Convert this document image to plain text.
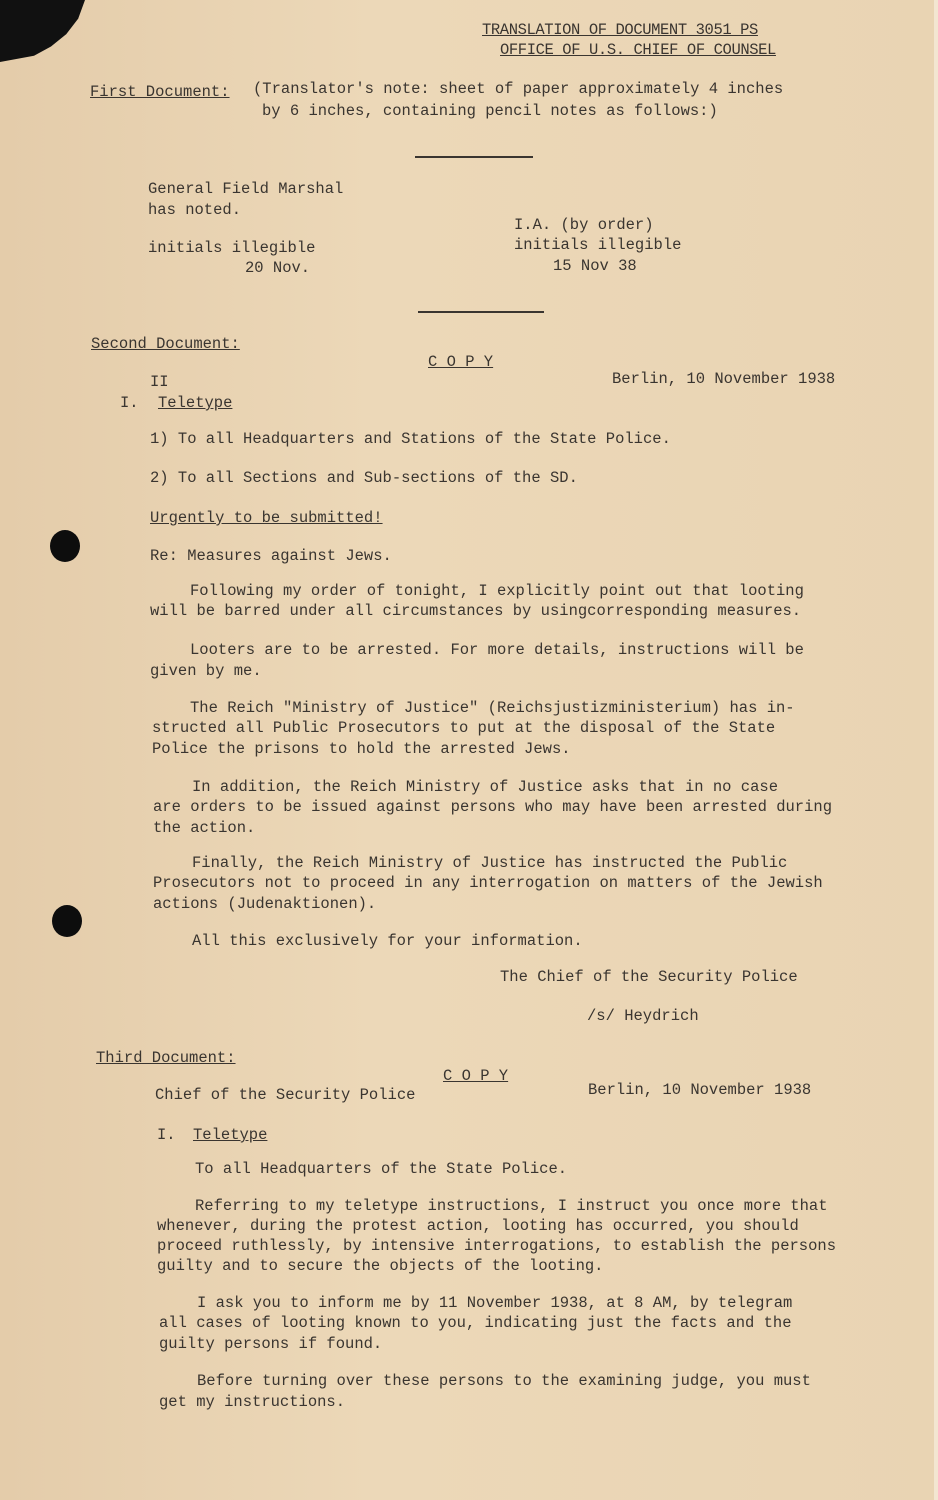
TRANSLATION OF DOCUMENT 3051 PS
OFFICE OF U.S. CHIEF OF COUNSEL
First Document: (Translator's note: sheet of paper approximately 4 inches
by 6 inches, containing pencil notes as follows:)
General Field Marshal
has noted.
I.A. (by order)
initials illegible	initials illegible
20 Nov.	15 Nov 38
Second Document:
C O P Y
II	Berlin, 10 November 1938
I. Teletype
1) To all Headquarters and Stations of the State Police.
2) To all Sections and Sub-sections of the SD.
Urgently to be submitted!
Re: Measures against Jews.
Following my order of tonight, I explicitly point out that looting
will be barred under all circumstances by usingcorresponding measures.
Looters are to be arrested. For more details, instructions will be
given by me.
The Reich "Ministry of Justice" (Reichsjustizministerium) has in-
structed all Public Prosecutors to put at the disposal of the State
Police the prisons to hold the arrested Jews.
In addition, the Reich Ministry of Justice asks that in no case
are orders to be issued against persons who may have been arrested during
the action.
Finally, the Reich Ministry of Justice has instructed the Public
Prosecutors not to proceed in any interrogation on matters of the Jewish
actions (Judenaktionen).
All this exclusively for your information.
The Chief of the Security Police
/s/ Heydrich
Third Document:
C O P Y
Chief of the Security Police	Berlin, 10 November 1938
I. Teletype
To all Headquarters of the State Police.
Referring to my teletype instructions, I instruct you once more that
whenever, during the protest action, looting has occurred, you should
proceed ruthlessly, by intensive interrogations, to establish the persons
guilty and to secure the objects of the looting.
I ask you to inform me by 11 November 1938, at 8 AM, by telegram
all cases of looting known to you, indicating just the facts and the
guilty persons if found.
Before turning over these persons to the examining judge, you must
get my instructions.
